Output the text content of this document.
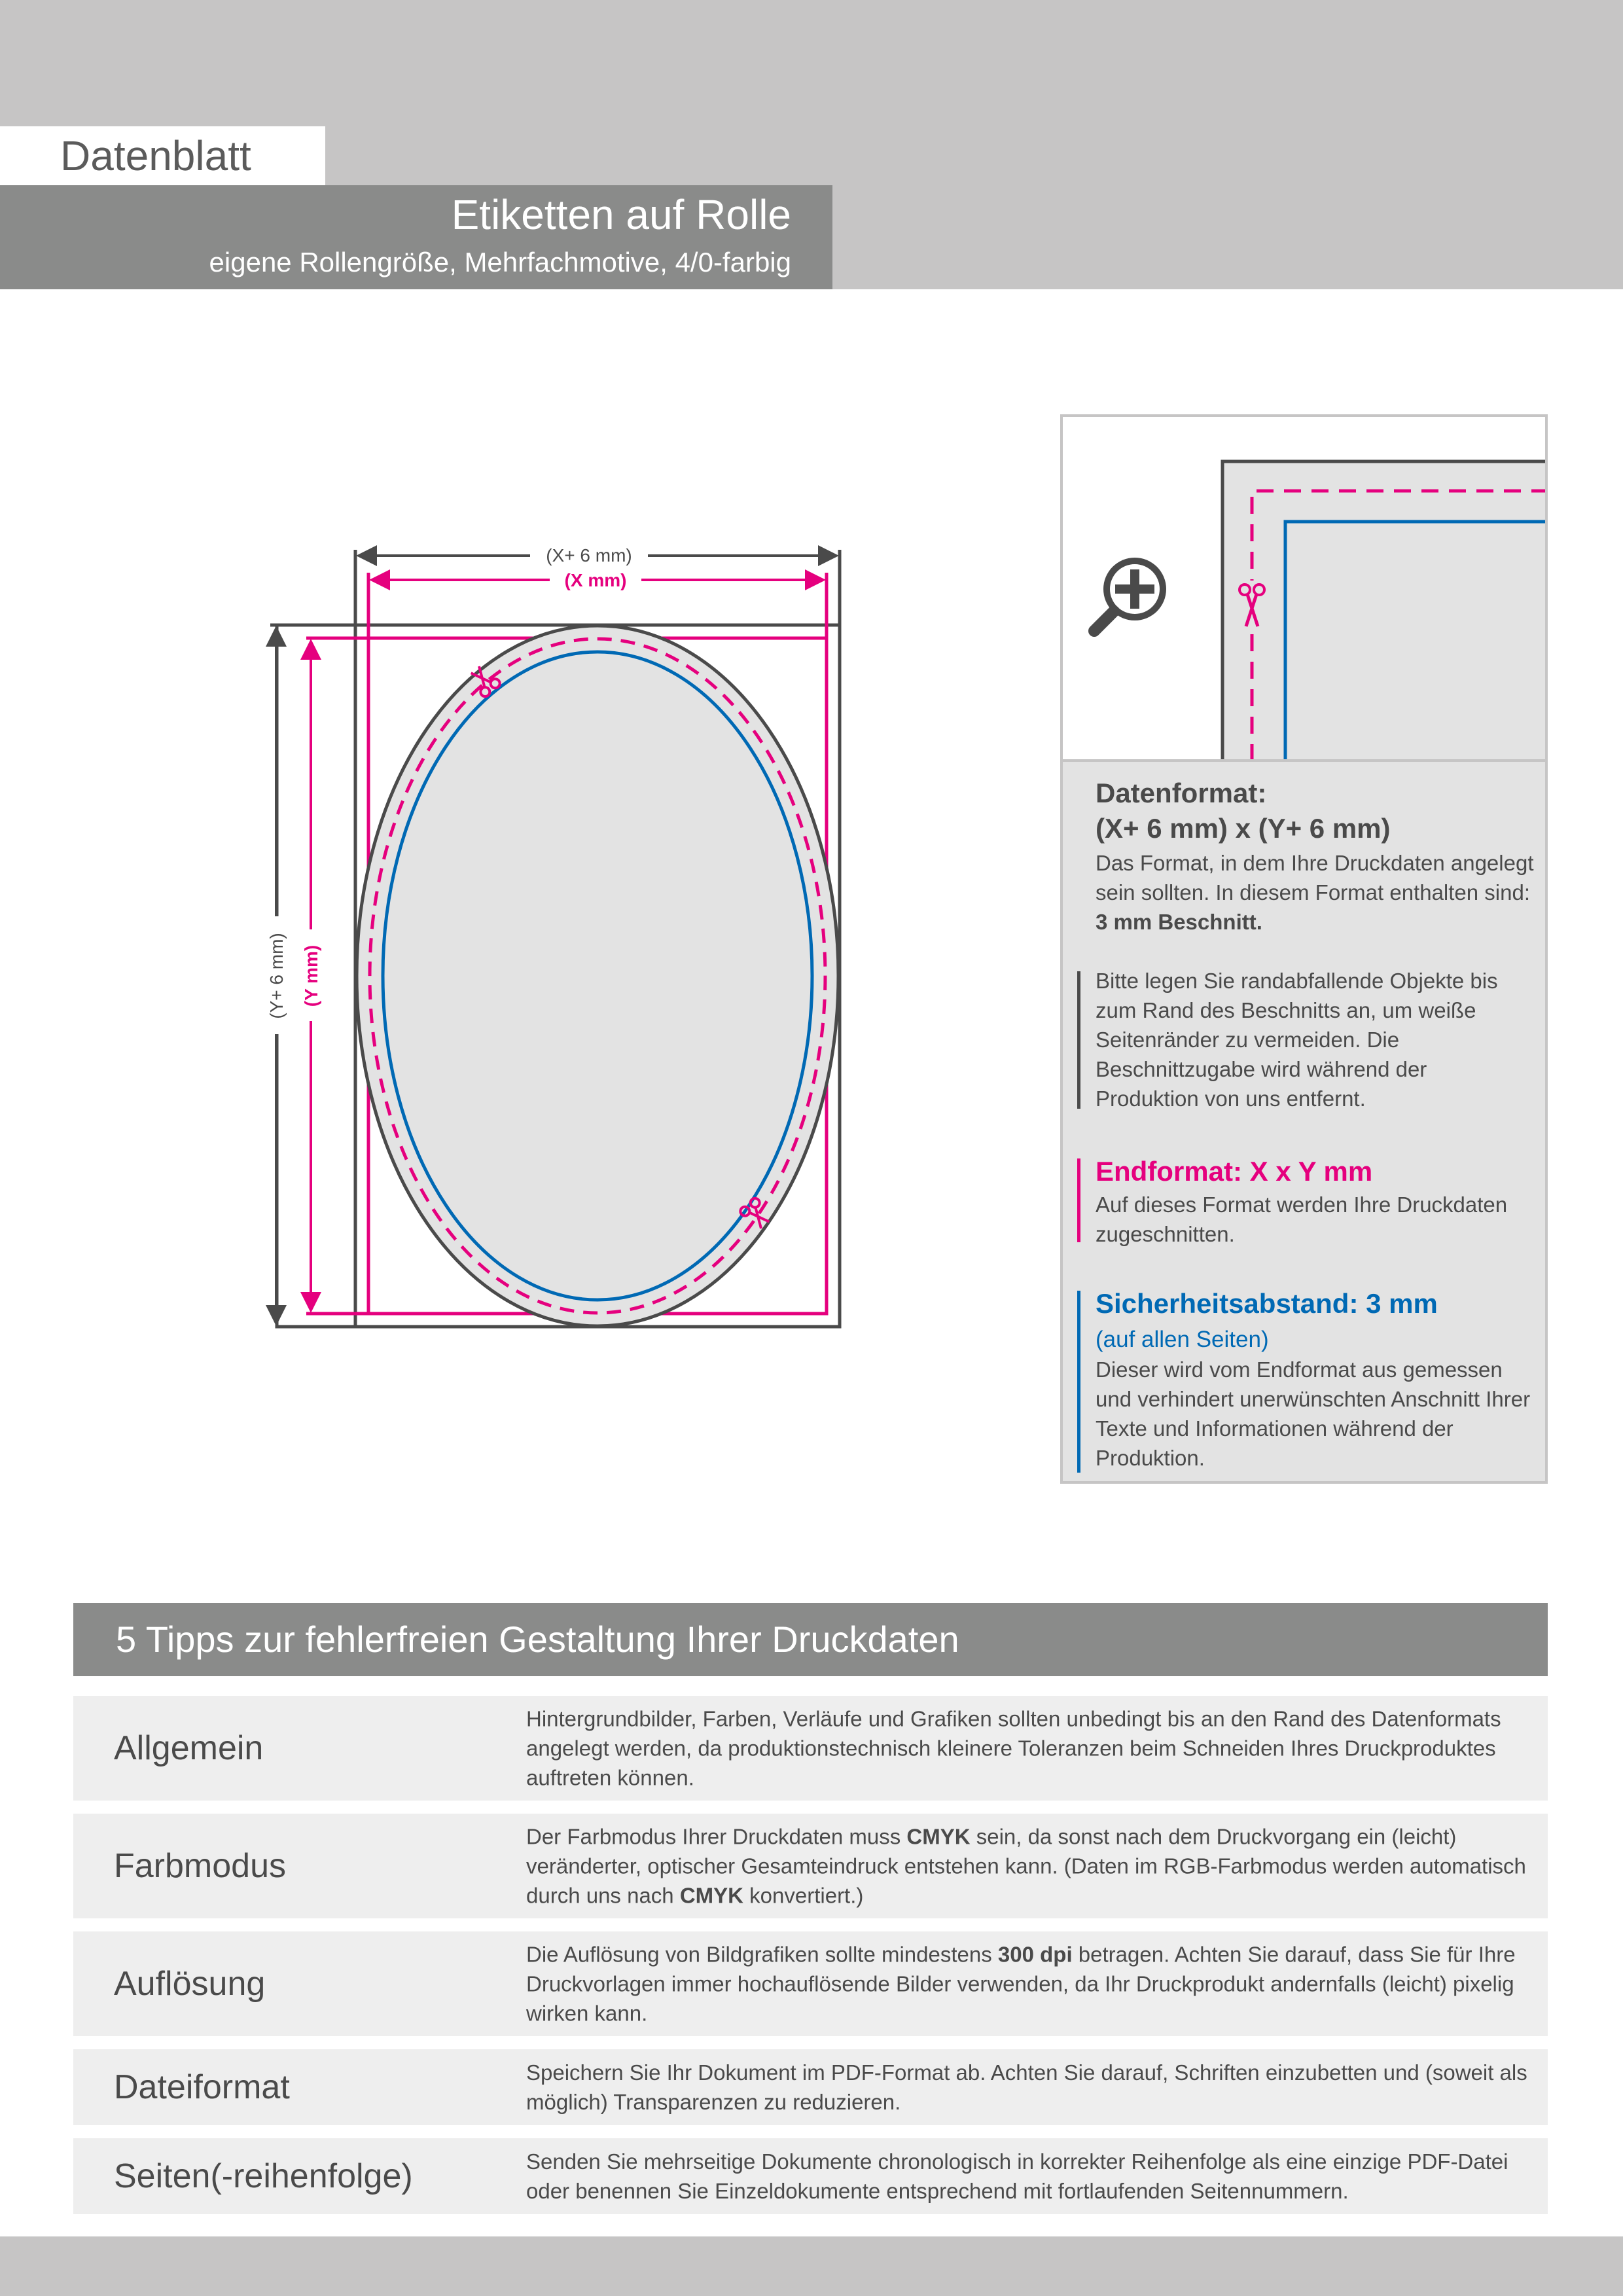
Datenblatt
Etiketten auf Rolle
eigene Rollengröße, Mehrfachmotive, 4/0-farbig
(X+ 6 mm)
(X mm)
(Y+ 6 mm) (Y mm)
Datenformat:
(X+ 6 mm) x (Y+ 6 mm)
Das Format, in dem Ihre Druckdaten angelegt sein sollten. In diesem Format enthalten sind: 3 mm Beschnitt.
Bitte legen Sie randabfallende Objekte bis zum Rand des Beschnitts an, um weiße Seitenränder zu vermeiden. Die Beschnittzugabe wird während der Produktion von uns entfernt.
Endformat: X x Y mm
Auf dieses Format werden Ihre Druckdaten zugeschnitten.
Sicherheitsabstand: 3 mm
(auf allen Seiten)
Dieser wird vom Endformat aus gemessen und verhindert unerwünschten Anschnitt Ihrer Texte und Informationen während der Produktion.
5 Tipps zur fehlerfreien Gestaltung Ihrer Druckdaten
Allgemein
Hintergrundbilder, Farben, Verläufe und Grafiken sollten unbedingt bis an den Rand des Datenformats angelegt werden, da produktionstechnisch kleinere Toleranzen beim Schneiden Ihres Druckproduktes auftreten können.
Farbmodus
Der Farbmodus Ihrer Druckdaten muss CMYK sein, da sonst nach dem Druckvorgang ein (leicht) veränderter, optischer Gesamteindruck entstehen kann. (Daten im RGB-Farbmodus werden automatisch durch uns nach CMYK konvertiert.)
Auflösung
Die Auflösung von Bildgrafiken sollte mindestens 300 dpi betragen. Achten Sie darauf, dass Sie für Ihre Druckvorlagen immer hochauflösende Bilder verwenden, da Ihr Druckprodukt andernfalls (leicht) pixelig wirken kann.
Dateiformat	Speichern Sie Ihr Dokument im PDF-Format ab. Achten Sie darauf, Schriften einzubetten und (soweit als möglich) Transparenzen zu reduzieren.
Seiten(-reihenfolge)	Senden Sie mehrseitige Dokumente chronologisch in korrekter Reihenfolge als eine einzige PDF-Datei oder benennen Sie Einzeldokumente entsprechend mit fortlaufenden Seitennummern.
